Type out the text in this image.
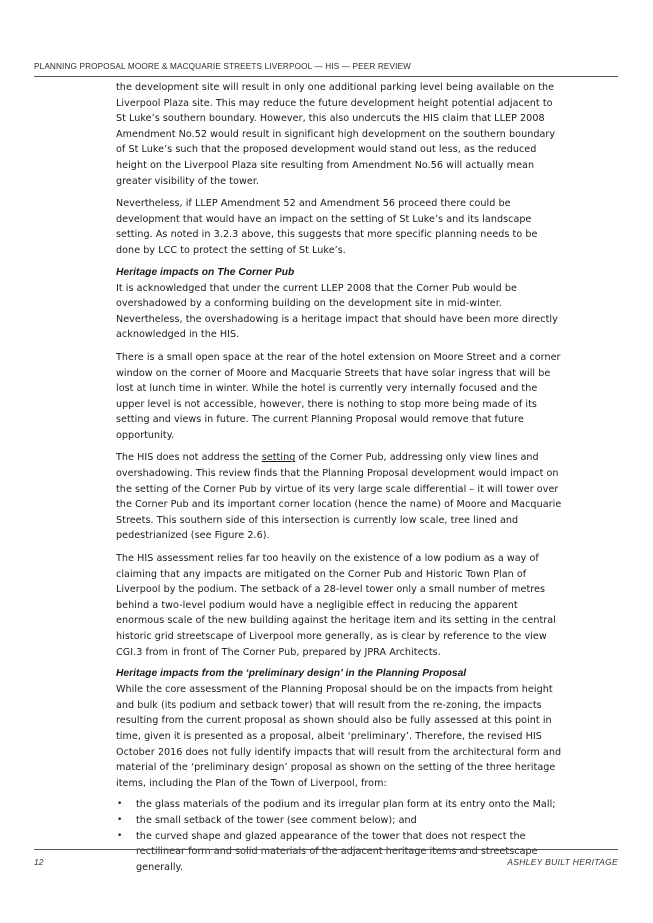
PLANNING PROPOSAL MOORE & MACQUARIE STREETS LIVERPOOL — HIS — PEER REVIEW

the development site will result in only one additional parking level being available on the Liverpool Plaza site. This may reduce the future development height potential adjacent to St Luke’s southern boundary. However, this also undercuts the HIS claim that LLEP 2008 Amendment No.52 would result in significant high development on the southern boundary of St Luke’s such that the proposed development would stand out less, as the reduced height on the Liverpool Plaza site resulting from Amendment No.56 will actually mean greater visibility of the tower.

Nevertheless, if LLEP Amendment 52 and Amendment 56 proceed there could be development that would have an impact on the setting of St Luke’s and its landscape setting. As noted in 3.2.3 above, this suggests that more specific planning needs to be done by LCC to protect the setting of St Luke’s.

Heritage impacts on The Corner Pub

It is acknowledged that under the current LLEP 2008 that the Corner Pub would be overshadowed by a conforming building on the development site in mid-winter. Nevertheless, the overshadowing is a heritage impact that should have been more directly acknowledged in the HIS.

There is a small open space at the rear of the hotel extension on Moore Street and a corner window on the corner of Moore and Macquarie Streets that have solar ingress that will be lost at lunch time in winter. While the hotel is currently very internally focused and the upper level is not accessible, however, there is nothing to stop more being made of its setting and views in future. The current Planning Proposal would remove that future opportunity.

The HIS does not address the setting of the Corner Pub, addressing only view lines and overshadowing. This review finds that the Planning Proposal development would impact on the setting of the Corner Pub by virtue of its very large scale differential – it will tower over the Corner Pub and its important corner location (hence the name) of Moore and Macquarie Streets. This southern side of this intersection is currently low scale, tree lined and pedestrianized (see Figure 2.6).

The HIS assessment relies far too heavily on the existence of a low podium as a way of claiming that any impacts are mitigated on the Corner Pub and Historic Town Plan of Liverpool by the podium. The setback of a 28-level tower only a small number of metres behind a two-level podium would have a negligible effect in reducing the apparent enormous scale of the new building against the heritage item and its setting in the central historic grid streetscape of Liverpool more generally, as is clear by reference to the view CGI.3 from in front of The Corner Pub, prepared by JPRA Architects.

Heritage impacts from the ‘preliminary design’ in the Planning Proposal

While the core assessment of the Planning Proposal should be on the impacts from height and bulk (its podium and setback tower) that will result from the re-zoning, the impacts resulting from the current proposal as shown should also be fully assessed at this point in time, given it is presented as a proposal, albeit ‘preliminary’. Therefore, the revised HIS October 2016 does not fully identify impacts that will result from the architectural form and material of the ‘preliminary design’ proposal as shown on the setting of the three heritage items, including the Plan of the Town of Liverpool, from:

• the glass materials of the podium and its irregular plan form at its entry onto the Mall;
• the small setback of the tower (see comment below); and
• the curved shape and glazed appearance of the tower that does not respect the rectilinear form and solid materials of the adjacent heritage items and streetscape generally.
12	ASHLEY BUILT HERITAGE
